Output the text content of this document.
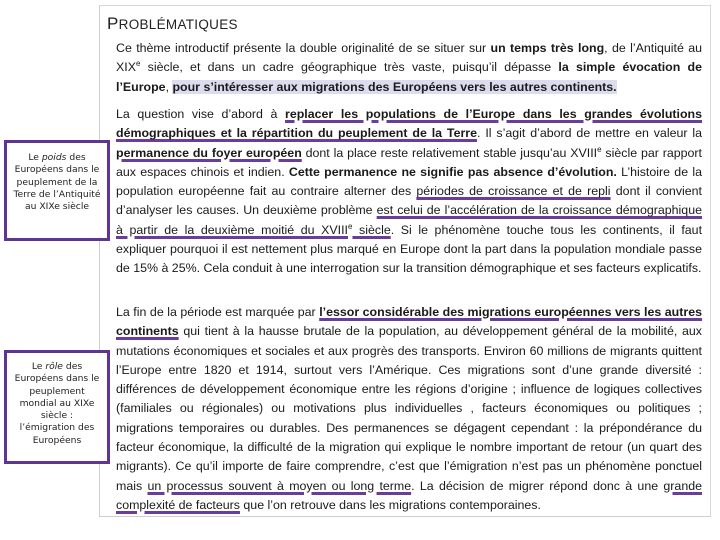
PROBLÉMATIQUES

Ce thème introductif présente la double originalité de se situer sur un temps très long, de l’Antiquité au XIXe siècle, et dans un cadre géographique très vaste, puisqu’il dépasse la simple évocation de l’Europe, pour s’intéresser aux migrations des Européens vers les autres continents.

La question vise d’abord à replacer les populations de l’Europe dans les grandes évolutions démographiques et la répartition du peuplement de la Terre. Il s’agit d’abord de mettre en valeur la permanence du foyer européen dont la place reste relativement stable jusqu’au XVIIIe siècle par rapport aux espaces chinois et indien. Cette permanence ne signifie pas absence d’évolution. L’histoire de la population européenne fait au contraire alterner des périodes de croissance et de repli dont il convient d’analyser les causes. Un deuxième problème est celui de l’accélération de la croissance démographique à partir de la deuxième moitié du XVIIIe siècle. Si le phénomène touche tous les continents, il faut expliquer pourquoi il est nettement plus marqué en Europe dont la part dans la population mondiale passe de 15% à 25%. Cela conduit à une interrogation sur la transition démographique et ses facteurs explicatifs.

La fin de la période est marquée par l’essor considérable des migrations européennes vers les autres continents qui tient à la hausse brutale de la population, au développement général de la mobilité, aux mutations économiques et sociales et aux progrès des transports. Environ 60 millions de migrants quittent l’Europe entre 1820 et 1914, surtout vers l’Amérique. Ces migrations sont d’une grande diversité : différences de développement économique entre les régions d’origine ; influence de logiques collectives (familiales ou régionales) ou motivations plus individuelles , facteurs économiques ou politiques ; migrations temporaires ou durables. Des permanences se dégagent cependant : la prépondérance du facteur économique, la difficulté de la migration qui explique le nombre important de retour (un quart des migrants). Ce qu’il importe de faire comprendre, c’est que l’émigration n’est pas un phénomène ponctuel mais un processus souvent à moyen ou long terme. La décision de migrer répond donc à une grande complexité de facteurs que l’on retrouve dans les migrations contemporaines.

Le poids des Européens dans le peuplement de la Terre de l’Antiquité au XIXe siècle
Le rôle des Européens dans le peuplement mondial au XIXe siècle : l’émigration des Européens
